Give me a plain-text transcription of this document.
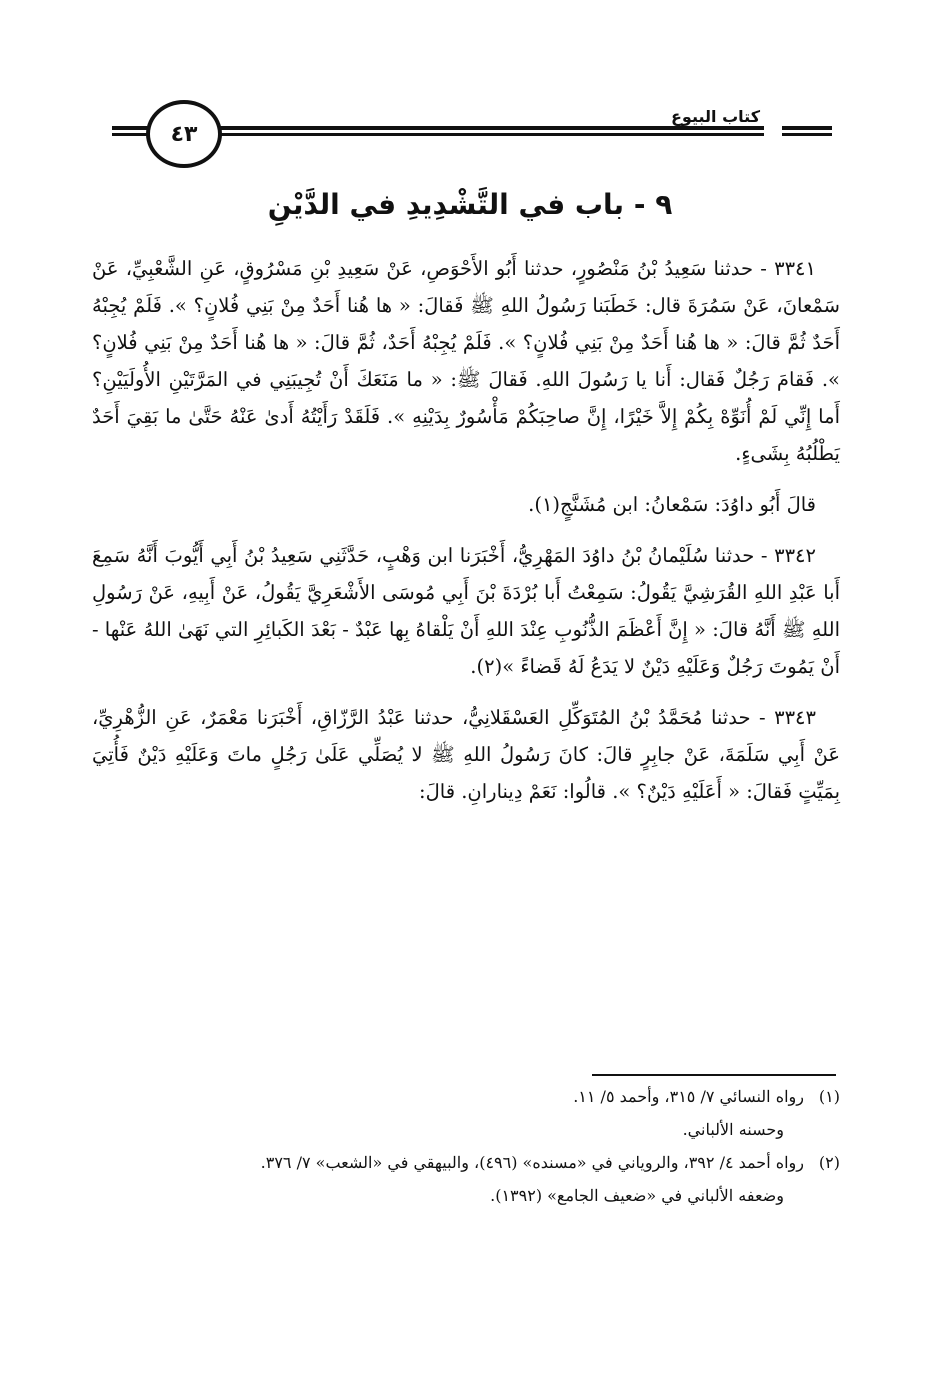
٤٣
كتاب البيوع
٩ - باب في التَّشْدِيدِ في الدَّيْنِ

٣٣٤١ - حدثنا سَعِيدُ بْنُ مَنْصُورٍ، حدثنا أَبُو الأَحْوَصِ، عَنْ سَعِيدِ بْنِ مَسْرُوقٍ، عَنِ الشَّعْبِيِّ، عَنْ سَمْعانَ، عَنْ سَمُرَةَ قال: خَطَبَنا رَسُولُ اللهِ ﷺ فَقالَ: « ها هُنا أَحَدٌ مِنْ بَنِي فُلانٍ؟ ». فَلَمْ يُجِبْهُ أَحَدٌ ثُمَّ قالَ: « ها هُنا أَحَدٌ مِنْ بَنِي فُلانٍ؟ ». فَلَمْ يُجِبْهُ أَحَدٌ، ثُمَّ قالَ: « ها هُنا أَحَدٌ مِنْ بَنِي فُلانٍ؟ ». فَقامَ رَجُلٌ فَقال: أَنا يا رَسُولَ اللهِ. فَقالَ ﷺ: « ما مَنَعَكَ أَنْ تُجِيبَنِي في المَرَّتَيْنِ الأُولَيَيْنِ؟ أَما إِنِّي لَمْ أُنَوِّهْ بِكُمْ إِلاَّ خَيْرًا، إِنَّ صاحِبَكُمْ مَأْسُورٌ بِدَيْنِهِ ». فَلَقَدْ رَأَيْتُهُ أَدىٰ عَنْهُ حَتَّىٰ ما بَقِيَ أَحَدٌ يَطْلُبُهُ بِشَىءٍ.

قالَ أَبُو داوُدَ: سَمْعانُ: ابن مُشَنَّجٍ(١).

٣٣٤٢ - حدثنا سُلَيْمانُ بْنُ داوُدَ المَهْرِيُّ، أَخْبَرَنا ابن وَهْبٍ، حَدَّثَنِي سَعِيدُ بْنُ أَبِي أَيُّوبَ أَنَّهُ سَمِعَ أَبا عَبْدِ اللهِ القُرَشِيَّ يَقُولُ: سَمِعْتُ أَبا بُرْدَةَ بْنَ أَبِي مُوسَى الأَشْعَرِيَّ يَقُولُ، عَنْ أَبِيهِ، عَنْ رَسُولِ اللهِ ﷺ أَنَّهُ قالَ: « إِنَّ أَعْظَمَ الذُّنُوبِ عِنْدَ اللهِ أَنْ يَلْقاهُ بِها عَبْدٌ - بَعْدَ الكَبائِرِ التي نَهَىٰ اللهُ عَنْها - أَنْ يَمُوتَ رَجُلٌ وَعَلَيْهِ دَيْنٌ لا يَدَعُ لَهُ قَضاءً »(٢).

٣٣٤٣ - حدثنا مُحَمَّدُ بْنُ المُتَوَكِّلِ العَسْقَلانِيُّ، حدثنا عَبْدُ الرَّزّاقِ، أَخْبَرَنا مَعْمَرٌ، عَنِ الزُّهْرِيِّ، عَنْ أَبِي سَلَمَةَ، عَنْ جابِرٍ قالَ: كانَ رَسُولُ اللهِ ﷺ لا يُصَلِّي عَلَىٰ رَجُلٍ ماتَ وَعَلَيْهِ دَيْنٌ فَأُتِيَ بِمَيِّتٍ فَقالَ: « أَعَلَيْهِ دَيْنٌ؟ ». قالُوا: نَعَمْ دِينارانِ. قالَ:

(١)
رواه النسائي ٧/ ٣١٥، وأحمد ٥/ ١١.

وحسنه الألباني.

(٢)
رواه أحمد ٤/ ٣٩٢، والروياني في «مسنده» (٤٩٦)، والبيهقي في «الشعب» ٧/ ٣٧٦.

وضعفه الألباني في «ضعيف الجامع» (١٣٩٢).
